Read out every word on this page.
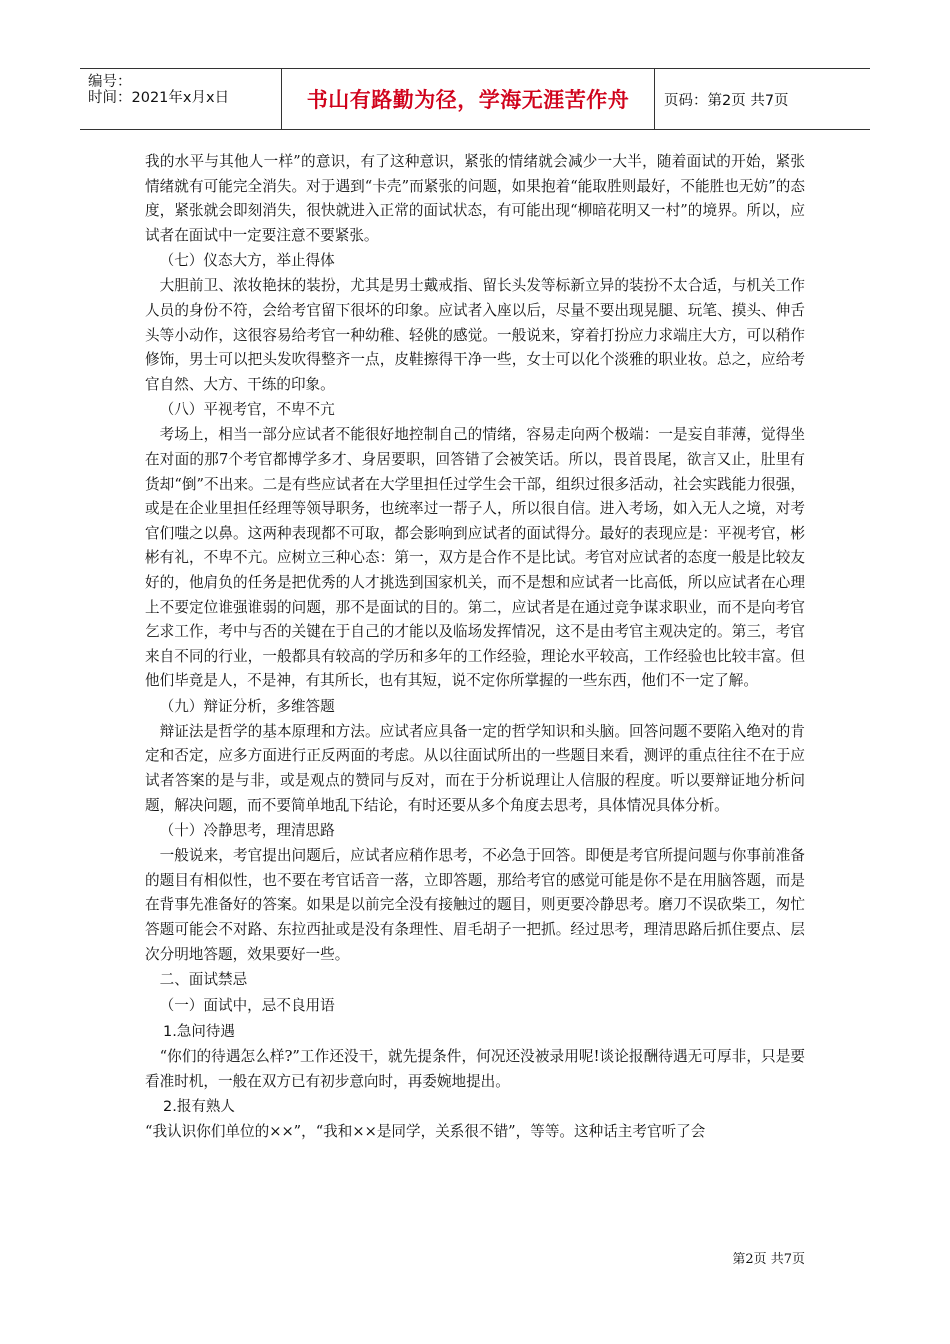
编号：
时间：2021年x月x日	书山有路勤为径，学海无涯苦作舟 页码：第2页 共7页

我的水平与其他人一样”的意识，有了这种意识，紧张的情绪就会减少一大半，随着面试的开始，紧张情绪就有可能完全消失。对于遇到“卡壳”而紧张的问题，如果抱着“能取胜则最好，不能胜也无妨”的态度，紧张就会即刻消失，很快就进入正常的面试状态，有可能出现“柳暗花明又一村”的境界。所以，应试者在面试中一定要注意不要紧张。

（七）仪态大方，举止得体

大胆前卫、浓妆艳抹的装扮，尤其是男士戴戒指、留长头发等标新立异的装扮不太合适，与机关工作人员的身份不符，会给考官留下很坏的印象。应试者入座以后，尽量不要出现晃腿、玩笔、摸头、伸舌头等小动作，这很容易给考官一种幼稚、轻佻的感觉。一般说来，穿着打扮应力求端庄大方，可以稍作修饰，男士可以把头发吹得整齐一点，皮鞋擦得干净一些，女士可以化个淡雅的职业妆。总之，应给考官自然、大方、干练的印象。

（八）平视考官，不卑不亢

考场上，相当一部分应试者不能很好地控制自己的情绪，容易走向两个极端：一是妄自菲薄，觉得坐在对面的那7个考官都博学多才、身居要职，回答错了会被笑话。所以，畏首畏尾，欲言又止，肚里有货却“倒”不出来。二是有些应试者在大学里担任过学生会干部，组织过很多活动，社会实践能力很强，或是在企业里担任经理等领导职务，也统率过一帮子人，所以很自信。进入考场，如入无人之境，对考官们嗤之以鼻。这两种表现都不可取，都会影响到应试者的面试得分。最好的表现应是：平视考官，彬彬有礼，不卑不亢。应树立三种心态：第一，双方是合作不是比试。考官对应试者的态度一般是比较友好的，他肩负的任务是把优秀的人才挑选到国家机关，而不是想和应试者一比高低，所以应试者在心理上不要定位谁强谁弱的问题，那不是面试的目的。第二，应试者是在通过竞争谋求职业，而不是向考官乞求工作，考中与否的关键在于自己的才能以及临场发挥情况，这不是由考官主观决定的。第三，考官来自不同的行业，一般都具有较高的学历和多年的工作经验，理论水平较高，工作经验也比较丰富。但他们毕竟是人，不是神，有其所长，也有其短，说不定你所掌握的一些东西，他们不一定了解。

（九）辩证分析，多维答题

辩证法是哲学的基本原理和方法。应试者应具备一定的哲学知识和头脑。回答问题不要陷入绝对的肯定和否定，应多方面进行正反两面的考虑。从以往面试所出的一些题目来看，测评的重点往往不在于应试者答案的是与非，或是观点的赞同与反对，而在于分析说理让人信服的程度。听以要辩证地分析问题，解决问题，而不要简单地乱下结论，有时还要从多个角度去思考，具体情况具体分析。

（十）冷静思考，理清思路

一般说来，考官提出问题后，应试者应稍作思考，不必急于回答。即便是考官所提问题与你事前准备的题目有相似性，也不要在考官话音一落，立即答题，那给考官的感觉可能是你不是在用脑答题，而是在背事先准备好的答案。如果是以前完全没有接触过的题目，则更要冷静思考。磨刀不误砍柴工，匆忙答题可能会不对路、东拉西扯或是没有条理性、眉毛胡子一把抓。经过思考，理清思路后抓住要点、层次分明地答题，效果要好一些。

二、面试禁忌

（一）面试中，忌不良用语

1.急问待遇

“你们的待遇怎么样?”工作还没干，就先提条件，何况还没被录用呢!谈论报酬待遇无可厚非，只是要看准时机，一般在双方已有初步意向时，再委婉地提出。

2.报有熟人

“我认识你们单位的××”，“我和××是同学，关系很不错”，等等。这种话主考官听了会

第2页 共7页
